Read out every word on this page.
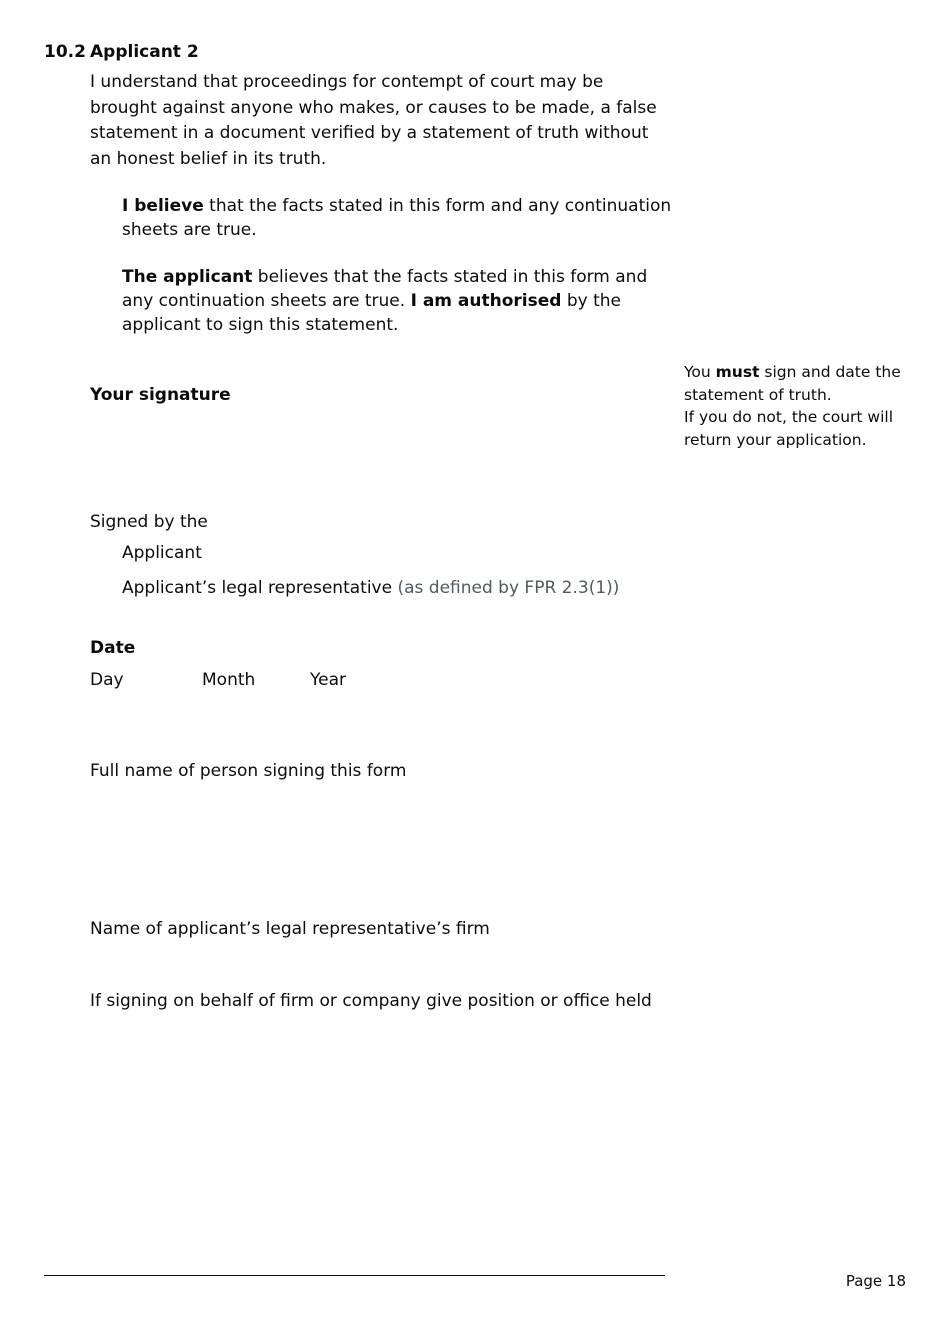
10.2 Applicant 2
I understand that proceedings for contempt of court may be brought against anyone who makes, or causes to be made, a false statement in a document verified by a statement of truth without an honest belief in its truth.
I believe that the facts stated in this form and any continuation sheets are true.
The applicant believes that the facts stated in this form and any continuation sheets are true. I am authorised by the applicant to sign this statement.
Your signature
You must sign and date the statement of truth.
If you do not, the court will return your application.
Signed by the
Applicant
Applicant’s legal representative (as defined by FPR 2.3(1))
Date
Day	Month	Year
Full name of person signing this form
Name of applicant’s legal representative’s firm
If signing on behalf of firm or company give position or office held
Page 18
